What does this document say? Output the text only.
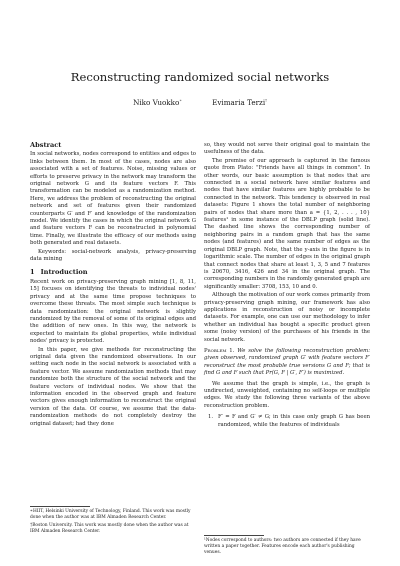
Reconstructing randomized social networks
Niko Vuokko∗	Evimaria Terzi†
Abstract

In social networks, nodes correspond to entities and edges to links between them. In most of the cases, nodes are also associated with a set of features. Noise, missing values or efforts to preserve privacy in the network may transform the original network G and its feature vectors F. This transformation can be modeled as a randomization method. Here, we address the problem of reconstructing the original network and set of features given their randomized counterparts G′ and F′ and knowledge of the randomization model. We identify the cases in which the original network G and feature vectors F can be reconstructed in polynomial time. Finally, we illustrate the efficacy of our methods using both generated and real datasets.

Keywords: social-network analysis, privacy-preserving data mining

1 Introduction

Recent work on privacy-preserving graph mining [1, 8, 11, 15] focuses on identifying the threats to individual nodes' privacy and at the same time propose techniques to overcome these threats. The most simple such technique is data randomization: the original network is slightly randomized by the removal of some of its original edges and the addition of new ones. In this way, the network is expected to maintain its global properties, while individual nodes' privacy is protected.

In this paper, we give methods for reconstructing the original data given the randomized observations. In our setting each node in the social network is associated with a feature vector. We assume randomization methods that may randomize both the structure of the social network and the feature vectors of individual nodes. We show that the information encoded in the observed graph and feature vectors gives enough information to reconstruct the original version of the data. Of course, we assume that the data-randomization methods do not completely destroy the original dataset; had they done

∗HIIT, Helsinki University of Technology, Finland. This work was mostly done when the author was at IBM Almaden Research Center.

†Boston University. This work was mostly done when the author was at IBM Almaden Research Center.

so, they would not serve their original goal to maintain the usefulness of the data.

The premise of our approach is captured in the famous quote from Plato: "Friends have all things in common". In other words, our basic assumption is that nodes that are connected in a social network have similar features and nodes that have similar features are highly probable to be connected in the network. This tendency is observed in real datasets: Figure 1 shows the total number of neighboring pairs of nodes that share more than a = {1, 2, . . . , 10} features¹ in some instance of the DBLP graph (solid line). The dashed line shows the corresponding number of neighboring pairs in a random graph that has the same nodes (and features) and the same number of edges as the original DBLP graph. Note, that the y-axis in the figure is in logarithmic scale. The number of edges in the original graph that connect nodes that share at least 1, 3, 5 and 7 features is 20670, 3416, 426 and 34 in the original graph. The corresponding numbers in the randomly generated graph are significantly smaller: 3708, 153, 10 and 0.

Although the motivation of our work comes primarily from privacy-preserving graph mining, our framework has also applications in reconstruction of noisy or incomplete datasets. For example, one can use our methodology to infer whether an individual has bought a specific product given some (noisy version) of the purchases of his friends in the social network.

Problem 1. We solve the following reconstruction problem: given observed, randomized graph G′ with feature vectors F′ reconstruct the most probable true versions G and F; that is find G and F such that Pr(G, F | G′, F′) is maximized.

We assume that the graph is simple, i.e., the graph is undirected, unweighted, containing no self-loops or multiple edges. We study the following three variants of the above reconstruction problem.

1. F′ = F and G′ ≠ G; in this case only graph G has been randomized, while the features of individuals

¹Nodes correspond to authors: two authors are connected if they have written a paper together. Features encode each author's publishing venues.
